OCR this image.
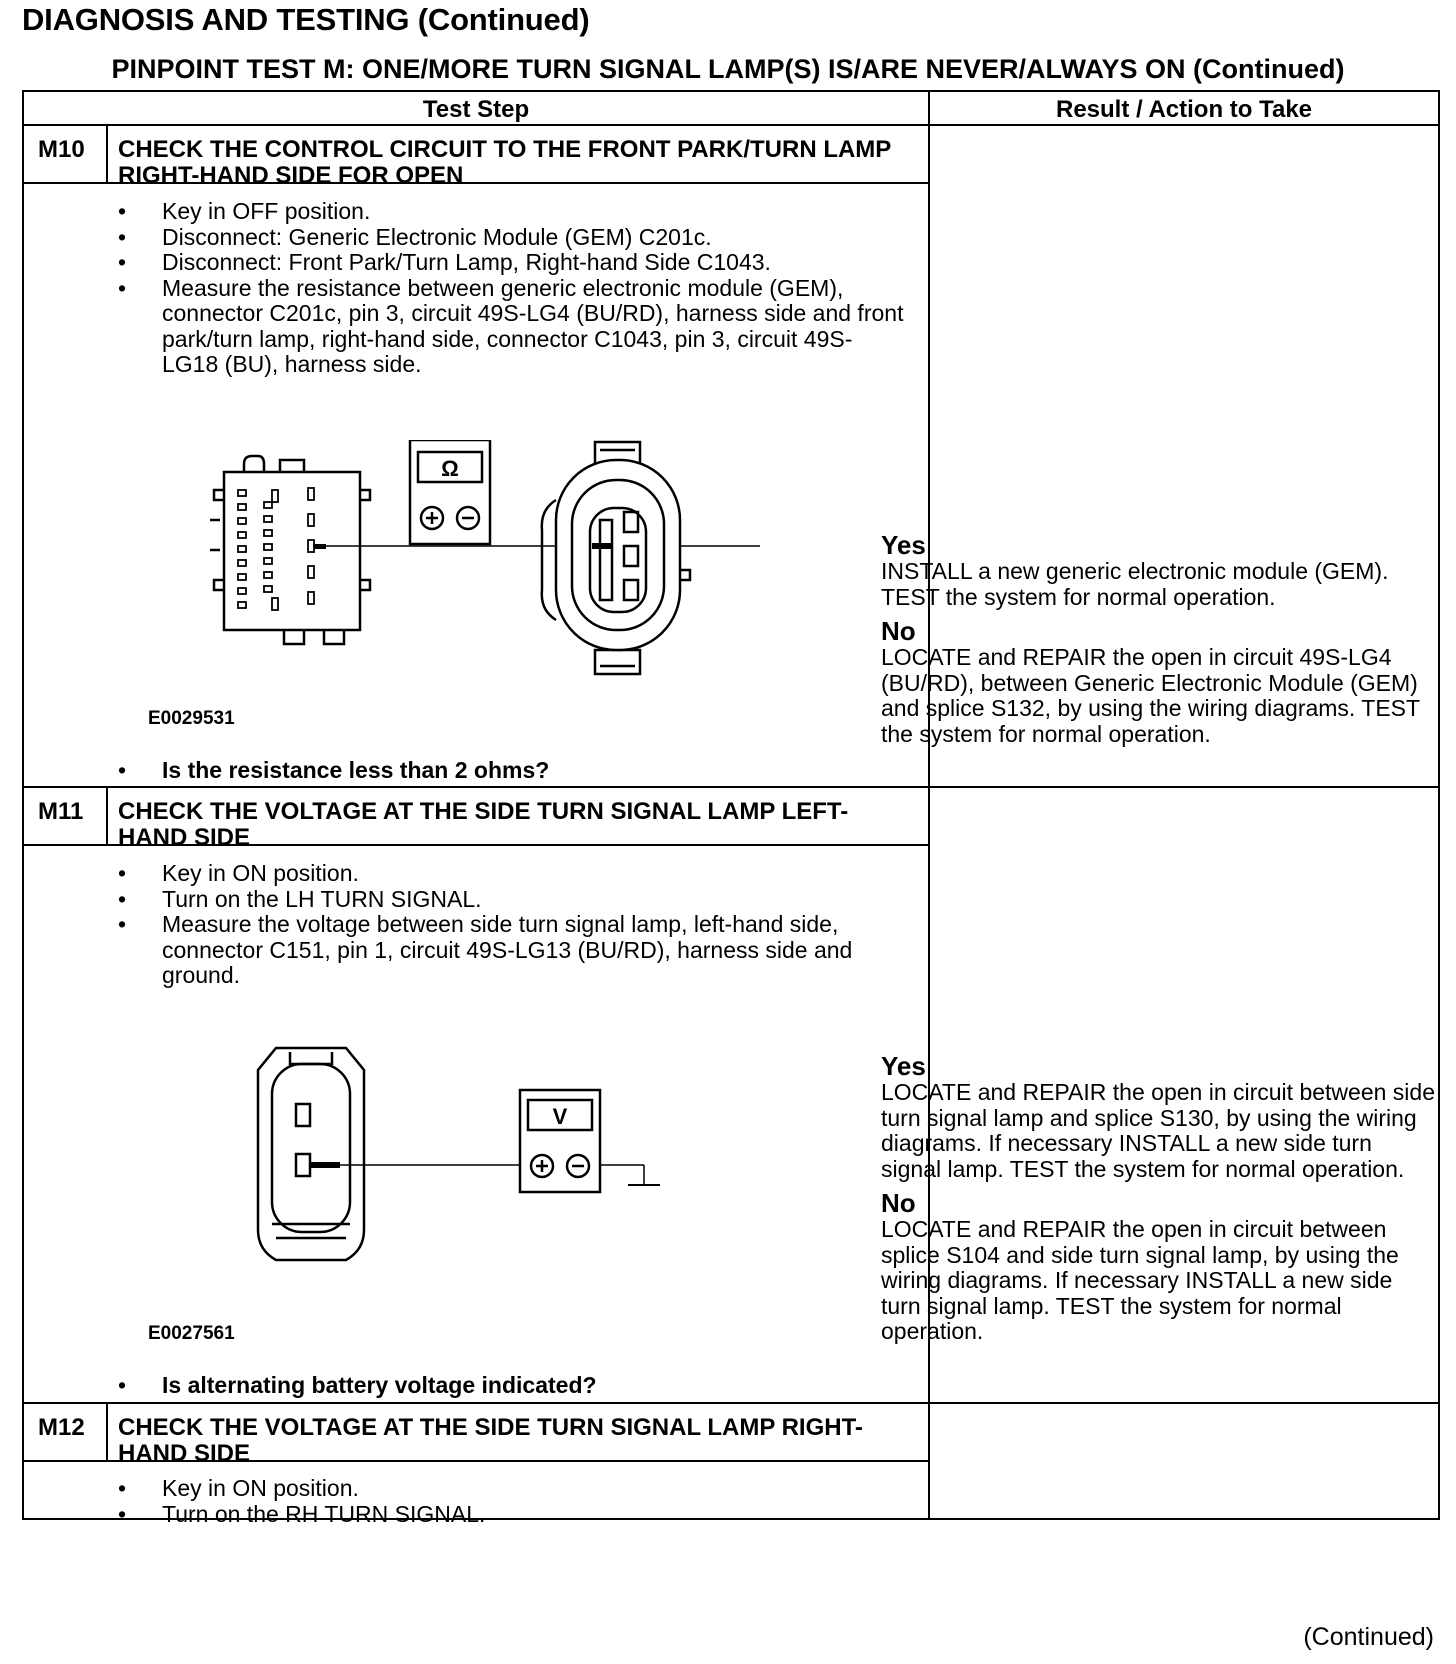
DIAGNOSIS AND TESTING (Continued)
PINPOINT TEST M: ONE/MORE TURN SIGNAL LAMP(S) IS/ARE NEVER/ALWAYS ON (Continued)
Test Step	Result / Action to Take
M10 CHECK THE CONTROL CIRCUIT TO THE FRONT PARK/TURN LAMP RIGHT-HAND SIDE FOR OPEN
• Key in OFF position.
• Disconnect: Generic Electronic Module (GEM) C201c.
• Disconnect: Front Park/Turn Lamp, Right-hand Side C1043.
• Measure the resistance between generic electronic module (GEM), connector C201c, pin 3, circuit 49S-LG4 (BU/RD), harness side and front park/turn lamp, right-hand side, connector C1043, pin 3, circuit 49S-LG18 (BU), harness side.
Ω
E0029531
• Is the resistance less than 2 ohms?
Yes
INSTALL a new generic electronic module (GEM). TEST the system for normal operation.
No
LOCATE and REPAIR the open in circuit 49S-LG4 (BU/RD), between Generic Electronic Module (GEM) and splice S132, by using the wiring diagrams. TEST the system for normal operation.
M11 CHECK THE VOLTAGE AT THE SIDE TURN SIGNAL LAMP LEFT-HAND SIDE
• Key in ON position.
• Turn on the LH TURN SIGNAL.
• Measure the voltage between side turn signal lamp, left-hand side, connector C151, pin 1, circuit 49S-LG13 (BU/RD), harness side and ground.
V
E0027561
• Is alternating battery voltage indicated?
Yes
LOCATE and REPAIR the open in circuit between side turn signal lamp and splice S130, by using the wiring diagrams. If necessary INSTALL a new side turn signal lamp. TEST the system for normal operation.
No
LOCATE and REPAIR the open in circuit between splice S104 and side turn signal lamp, by using the wiring diagrams. If necessary INSTALL a new side turn signal lamp. TEST the system for normal operation.
M12 CHECK THE VOLTAGE AT THE SIDE TURN SIGNAL LAMP RIGHT-HAND SIDE
• Key in ON position.
• Turn on the RH TURN SIGNAL.
(Continued)
